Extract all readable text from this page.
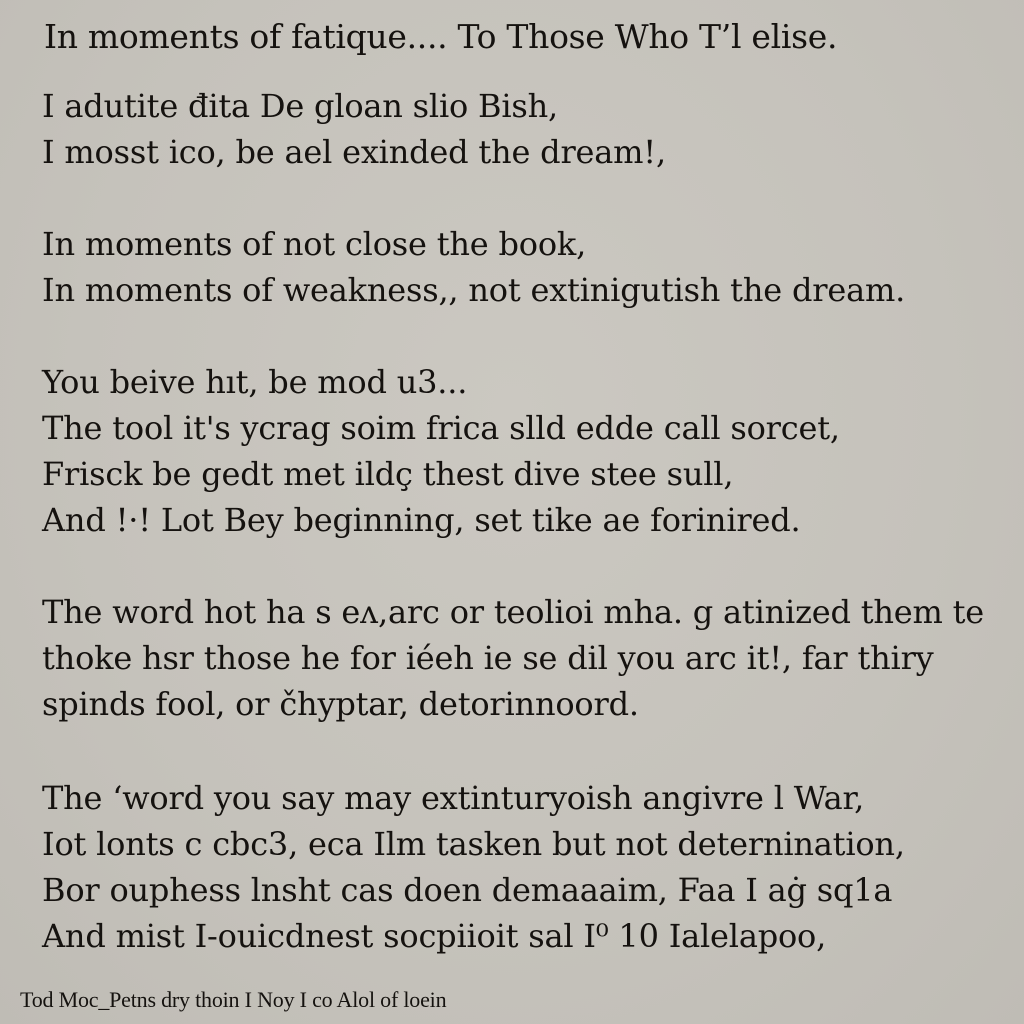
In moments of fatique.... To Those Who T’l elise.
I adutite đita De gloan slio Bish,
I mosst ico, be ael exinded the dream!,
In moments of not close the book,
In moments of weakness,, not extinigutish the dream.
You beive hıt, be mod u3...
The tool it's ycrag soim frica slld edde call sorcet,
Frisck be gedt met ildç thest dive stee sull,
And !·! Lot Bey beginning, set tike ae forinired.
The word hot ha s eʌ,arc or teolioi mha. g atinized them te
thoke hsr those he for iéeh ie se dil you arc it!, far thiry
spinds fool, or čhyptar, detorinnoord.
The ‘word you say may extinturyoish angivre l War,
Iot lonts c cbc3, eca Ilm tasken but not deternination,
Bor ouphess lnsht cas doen demaaaim, Faa I aġ sq1a
And mist I-ouicdnest socpiioit sal I⁰ 10 Ialelapoo,
Tod Moc_Petns dry thoin I Noy I co Alol of loein
